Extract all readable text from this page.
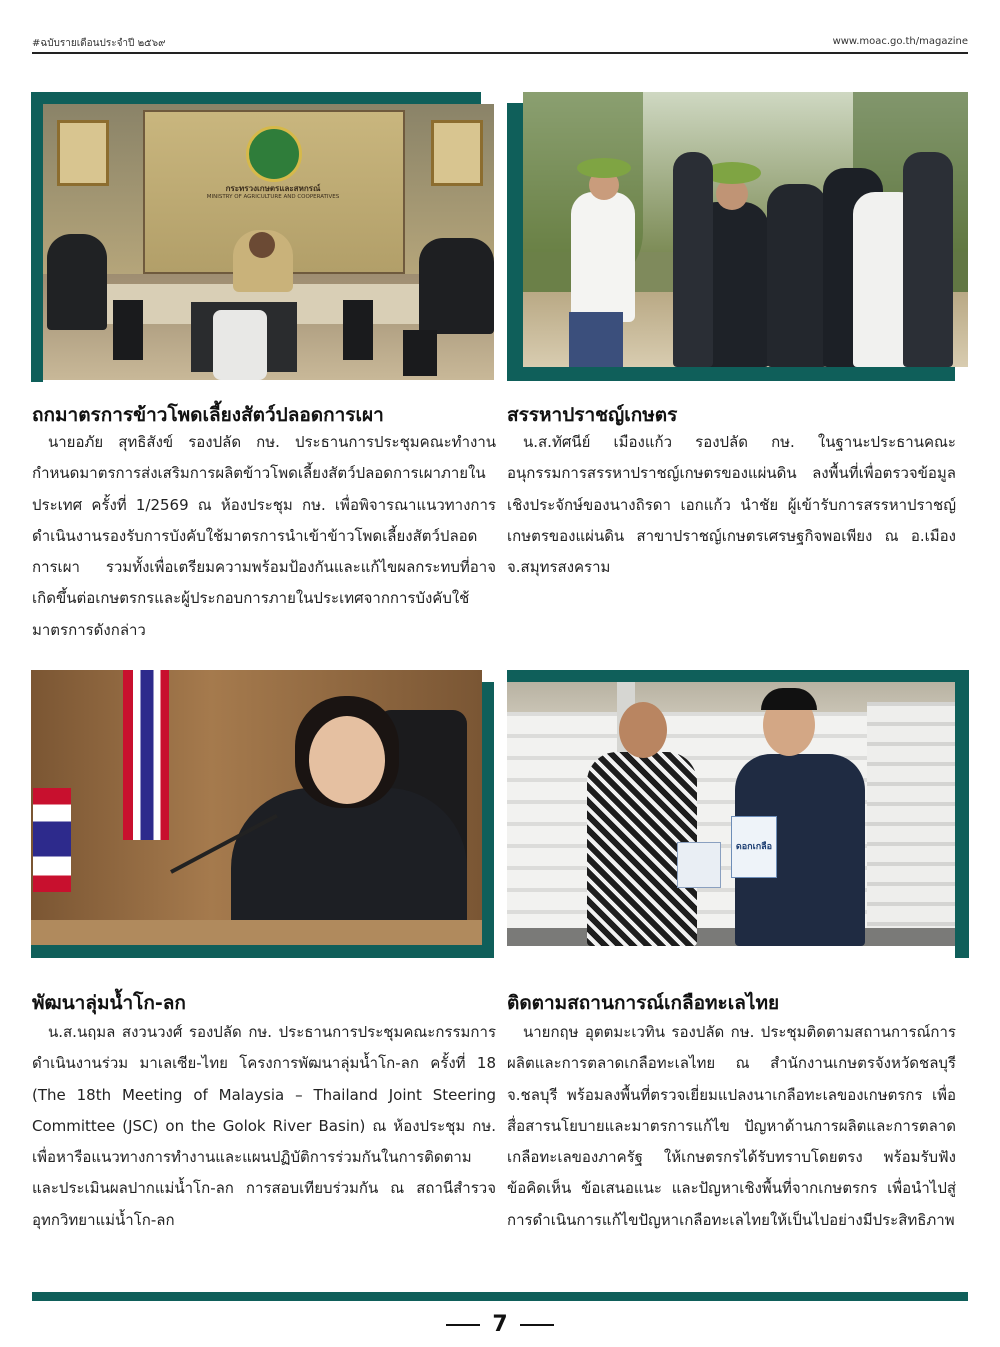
#ฉบับรายเดือนประจำปี ๒๕๖๙	www.moac.go.th/magazine
กระทรวงเกษตรและสหกรณ์
MINISTRY OF AGRICULTURE AND COOPERATIVES
ถกมาตรการข้าวโพดเลี้ยงสัตว์ปลอดการเผา

นายอภัย สุทธิสังข์ รองปลัด กษ. ประธานการประชุมคณะทำงานกำหนดมาตรการส่งเสริมการผลิตข้าวโพดเลี้ยงสัตว์ปลอดการเผาภายในประเทศ ครั้งที่ 1/2569 ณ ห้องประชุม กษ. เพื่อพิจารณาแนวทางการดำเนินงานรองรับการบังคับใช้มาตรการนำเข้าข้าวโพดเลี้ยงสัตว์ปลอดการเผา รวมทั้งเพื่อเตรียมความพร้อมป้องกันและแก้ไขผลกระทบที่อาจเกิดขึ้นต่อเกษตรกรและผู้ประกอบการภายในประเทศจากการบังคับใช้มาตรการดังกล่าว

สรรหาปราชญ์เกษตร

น.ส.ทัศนีย์ เมืองแก้ว รองปลัด กษ. ในฐานะประธานคณะอนุกรรมการสรรหาปราชญ์เกษตรของแผ่นดิน ลงพื้นที่เพื่อตรวจข้อมูลเชิงประจักษ์ของนางถิรดา เอกแก้ว นำชัย ผู้เข้ารับการสรรหาปราชญ์เกษตรของแผ่นดิน สาขาปราชญ์เกษตรเศรษฐกิจพอเพียง ณ อ.เมือง จ.สมุทรสงคราม

ดอกเกลือ
พัฒนาลุ่มน้ำโก-ลก

น.ส.นฤมล สงวนวงศ์ รองปลัด กษ. ประธานการประชุมคณะกรรมการดำเนินงานร่วม มาเลเซีย-ไทย โครงการพัฒนาลุ่มน้ำโก-ลก ครั้งที่ 18 (The 18th Meeting of Malaysia – Thailand Joint Steering Committee (JSC) on the Golok River Basin) ณ ห้องประชุม กษ. เพื่อหารือแนวทางการทำงานและแผนปฏิบัติการร่วมกันในการติดตามและประเมินผลปากแม่น้ำโก-ลก การสอบเทียบร่วมกัน ณ สถานีสำรวจอุทกวิทยาแม่น้ำโก-ลก

ติดตามสถานการณ์เกลือทะเลไทย

นายกฤษ อุตตมะเวทิน รองปลัด กษ. ประชุมติดตามสถานการณ์การผลิตและการตลาดเกลือทะเลไทย ณ สำนักงานเกษตรจังหวัดชลบุรี จ.ชลบุรี พร้อมลงพื้นที่ตรวจเยี่ยมแปลงนาเกลือทะเลของเกษตรกร เพื่อสื่อสารนโยบายและมาตรการแก้ไข ปัญหาด้านการผลิตและการตลาดเกลือทะเลของภาครัฐ ให้เกษตรกรได้รับทราบโดยตรง พร้อมรับฟังข้อคิดเห็น ข้อเสนอแนะ และปัญหาเชิงพื้นที่จากเกษตรกร เพื่อนำไปสู่การดำเนินการแก้ไขปัญหาเกลือทะเลไทยให้เป็นไปอย่างมีประสิทธิภาพ

7
